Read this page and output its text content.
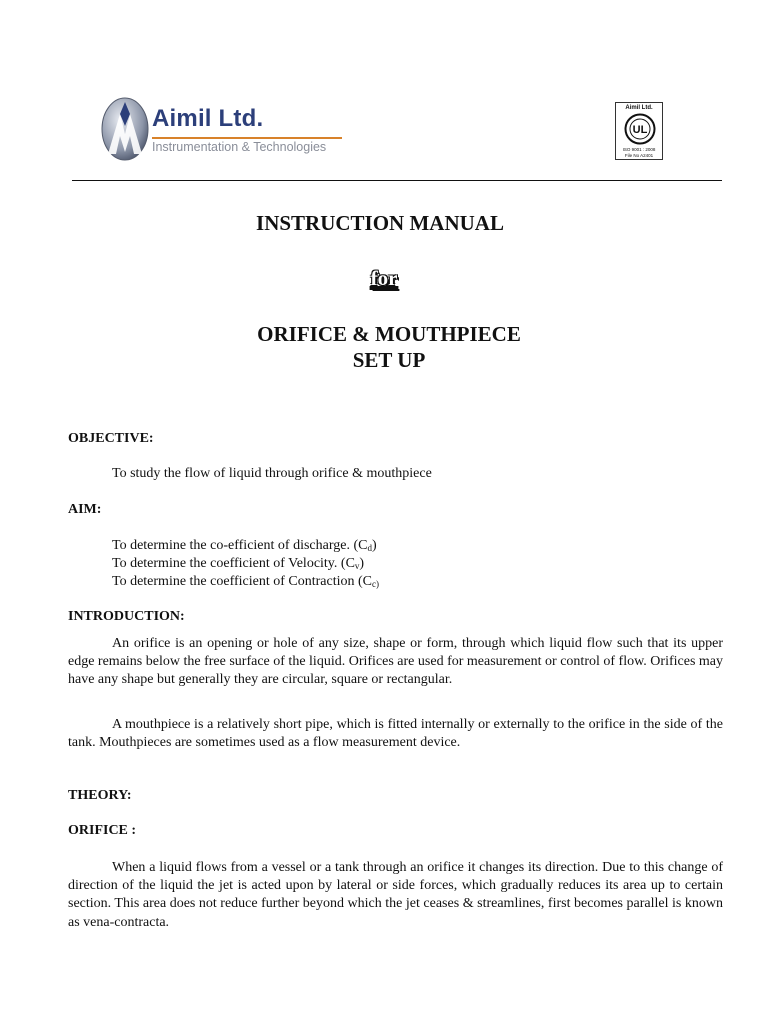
Aimil Ltd.
Instrumentation & Technologies
Aimil Ltd.
UL
ISO 9001 : 2008
File No A2401
INSTRUCTION MANUAL
for
ORIFICE & MOUTHPIECE
SET UP
OBJECTIVE:
To study the flow of liquid through orifice & mouthpiece
AIM:
To determine the co-efficient of discharge. $(C_d)$
To determine the coefficient of Velocity. $(C_v)$
To determine the coefficient of Contraction ($C_{c)}$
INTRODUCTION:

An orifice is an opening or hole of any size, shape or form, through which liquid flow such that its upper edge remains below the free surface of the liquid. Orifices are used for measurement or control of flow. Orifices may have any shape but generally they are circular, square or rectangular.

A mouthpiece is a relatively short pipe, which is fitted internally or externally to the orifice in the side of the tank. Mouthpieces are sometimes used as a flow measurement device.

THEORY:
ORIFICE :

When a liquid flows from a vessel or a tank through an orifice it changes its direction. Due to this change of direction of the liquid the jet is acted upon by lateral or side forces, which gradually reduces its area up to certain section. This area does not reduce further beyond which the jet ceases & streamlines, first becomes parallel is known as vena-contracta.
